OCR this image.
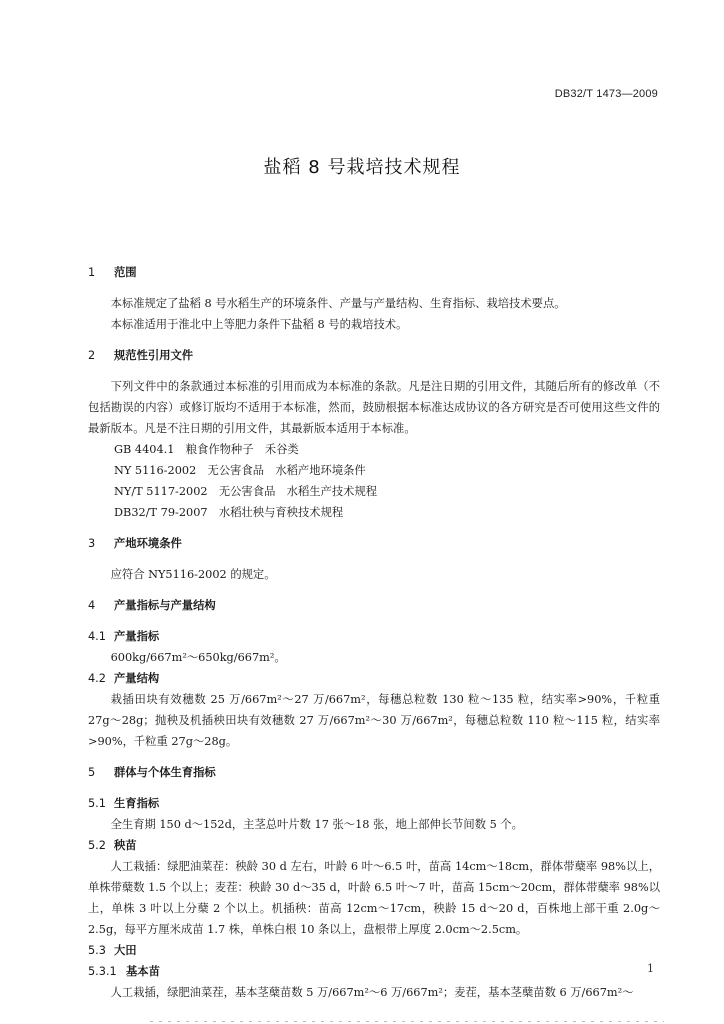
DB32/T 1473—2009
盐稻 8 号栽培技术规程
1 范围

本标准规定了盐稻 8 号水稻生产的环境条件、产量与产量结构、生育指标、栽培技术要点。

本标准适用于淮北中上等肥力条件下盐稻 8 号的栽培技术。

2 规范性引用文件

下列文件中的条款通过本标准的引用而成为本标准的条款。凡是注日期的引用文件，其随后所有的修改单（不包括勘误的内容）或修订版均不适用于本标准，然而，鼓励根据本标准达成协议的各方研究是否可使用这些文件的最新版本。凡是不注日期的引用文件，其最新版本适用于本标准。

GB 4404.1　粮食作物种子　禾谷类

NY 5116-2002　无公害食品　水稻产地环境条件

NY/T 5117-2002　无公害食品　水稻生产技术规程

DB32/T 79-2007　水稻壮秧与育秧技术规程

3 产地环境条件

应符合 NY5116-2002 的规定。

4 产量指标与产量结构
4.1 产量指标

600kg/667m²～650kg/667m²。

4.2 产量结构

栽插田块有效穗数 25 万/667m²～27 万/667m²，每穗总粒数 130 粒～135 粒，结实率>90%，千粒重 27g～28g；抛秧及机插秧田块有效穗数 27 万/667m²～30 万/667m²，每穗总粒数 110 粒～115 粒，结实率>90%，千粒重 27g～28g。

5 群体与个体生育指标
5.1 生育指标

全生育期 150 d～152d，主茎总叶片数 17 张～18 张，地上部伸长节间数 5 个。

5.2 秧苗

人工栽插：绿肥油菜茬：秧龄 30 d 左右，叶龄 6 叶～6.5 叶，苗高 14cm～18cm，群体带蘖率 98%以上，单株带蘖数 1.5 个以上；麦茬：秧龄 30 d～35 d，叶龄 6.5 叶～7 叶，苗高 15cm～20cm，群体带蘖率 98%以上，单株 3 叶以上分蘖 2 个以上。机插秧：苗高 12cm～17cm，秧龄 15 d～20 d，百株地上部干重 2.0g～2.5g，每平方厘米成苗 1.7 株，单株白根 10 条以上，盘根带上厚度 2.0cm～2.5cm。

5.3 大田
5.3.1 基本苗

人工栽插，绿肥油菜茬，基本茎蘖苗数 5 万/667m²～6 万/667m²；麦茬，基本茎蘖苗数 6 万/667m²～

1
